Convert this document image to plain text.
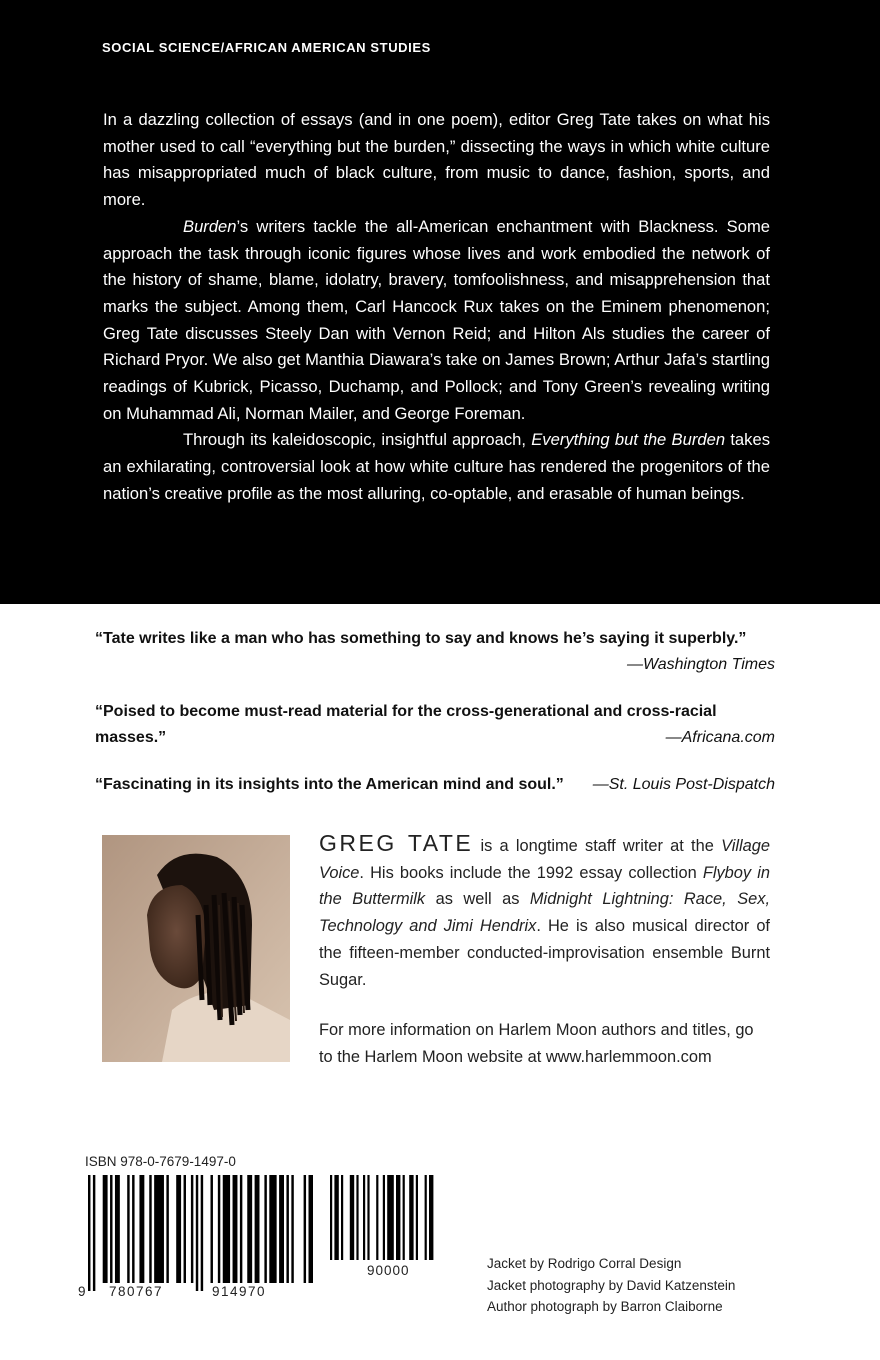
SOCIAL SCIENCE/AFRICAN AMERICAN STUDIES

In a dazzling collection of essays (and in one poem), editor Greg Tate takes on what his mother used to call “everything but the burden,” dissecting the ways in which white culture has misappropriated much of black culture, from music to dance, fashion, sports, and more.

Burden’s writers tackle the all-American enchantment with Blackness. Some approach the task through iconic figures whose lives and work embodied the network of the history of shame, blame, idolatry, bravery, tomfoolishness, and misapprehension that marks the subject. Among them, Carl Hancock Rux takes on the Eminem phenomenon; Greg Tate discusses Steely Dan with Vernon Reid; and Hilton Als studies the career of Richard Pryor. We also get Manthia Diawara’s take on James Brown; Arthur Jafa’s startling readings of Kubrick, Picasso, Duchamp, and Pollock; and Tony Green’s revealing writing on Muhammad Ali, Norman Mailer, and George Foreman.

Through its kaleidoscopic, insightful approach, Everything but the Burden takes an exhilarating, controversial look at how white culture has rendered the progenitors of the nation’s creative profile as the most alluring, co-optable, and erasable of human beings.

“Tate writes like a man who has something to say and knows he’s saying it superbly.”
—Washington Times
“Poised to become must-read material for the cross-generational and cross-racial masses.”	—Africana.com
“Fascinating in its insights into the American mind and soul.” —St. Louis Post-Dispatch
GREG TATE is a longtime staff writer at the Village Voice. His books include the 1992 essay collection Flyboy in the Buttermilk as well as Midnight Lightning: Race, Sex, Technology and Jimi Hendrix. He is also musical director of the fifteen-member conducted-improvisation ensemble Burnt Sugar.
For more information on Harlem Moon authors and titles, go to the Harlem Moon website at www.harlemmoon.com
ISBN 978-0-7679-1497-0
9 780767	914970
90000	Jacket by Rodrigo Corral Design
Jacket photography by David Katzenstein
Author photograph by Barron Claiborne
